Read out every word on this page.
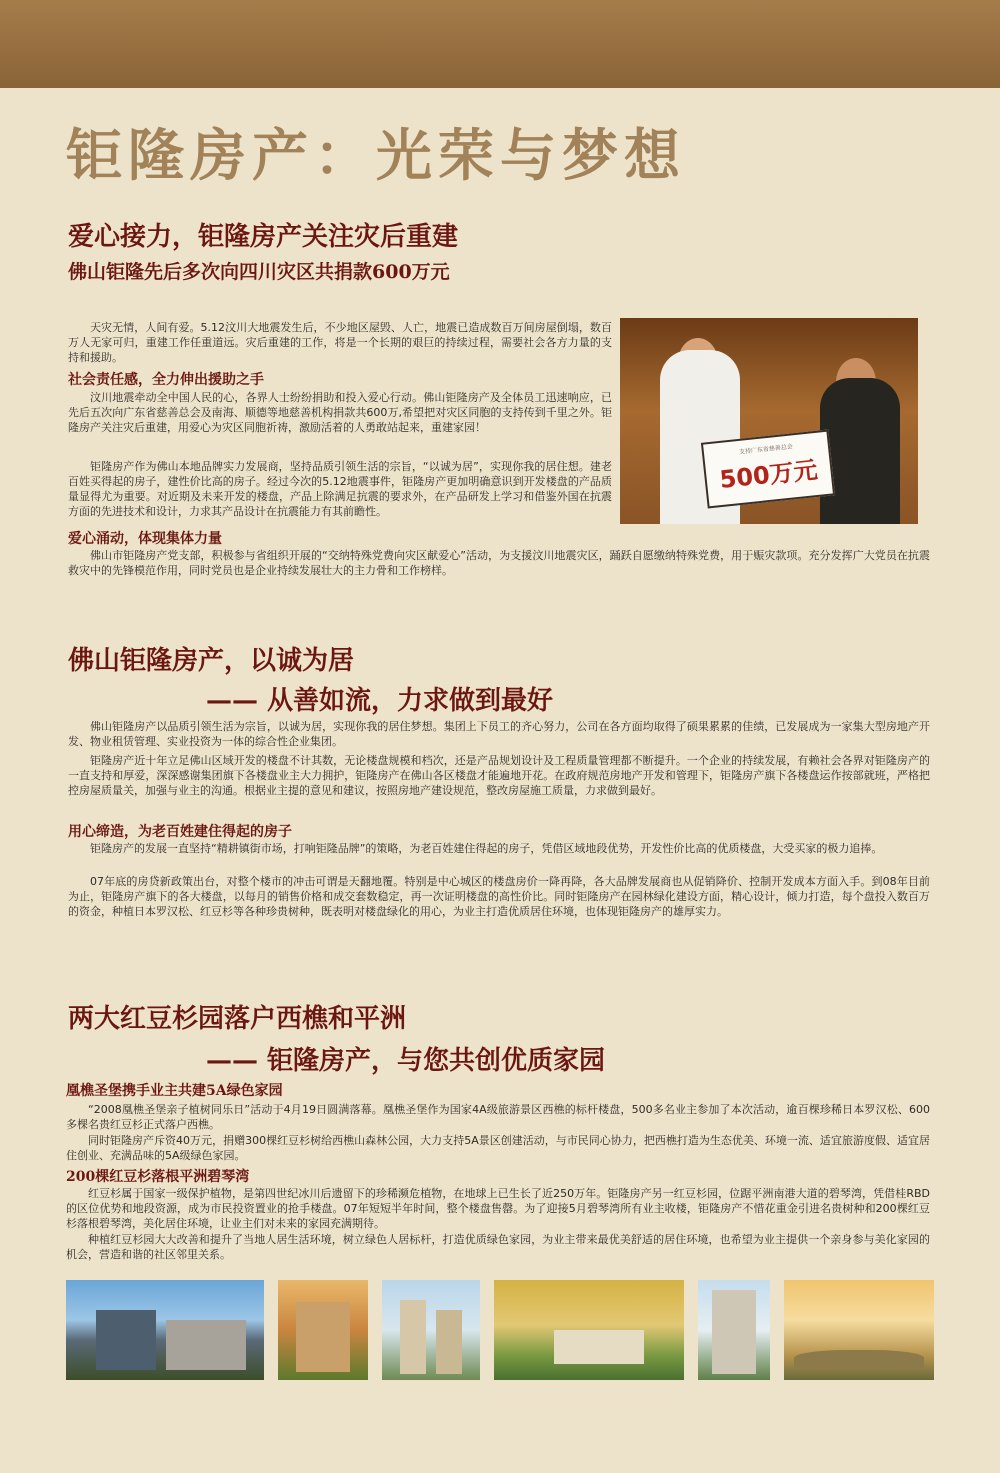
钜隆房产：光荣与梦想
爱心接力，钜隆房产关注灾后重建
佛山钜隆先后多次向四川灾区共捐款600万元

天灾无情，人间有爱。5.12汶川大地震发生后，不少地区屋毁、人亡，地震已造成数百万间房屋倒塌，数百万人无家可归，重建工作任重道远。灾后重建的工作，将是一个长期的艰巨的持续过程，需要社会各方力量的支持和援助。

社会责任感，全力伸出援助之手

汶川地震牵动全中国人民的心，各界人士纷纷捐助和投入爱心行动。佛山钜隆房产及全体员工迅速响应，已先后五次向广东省慈善总会及南海、顺德等地慈善机构捐款共600万,希望把对灾区同胞的支持传到千里之外。钜隆房产关注灾后重建，用爱心为灾区同胞祈祷，激励活着的人勇敢站起来，重建家园！

钜隆房产作为佛山本地品牌实力发展商，坚持品质引领生活的宗旨，“以诚为居”，实现你我的居住想。建老百姓买得起的房子，建性价比高的房子。经过今次的5.12地震事件，钜隆房产更加明确意识到开发楼盘的产品质量显得尤为重要。对近期及未来开发的楼盘，产品上除满足抗震的要求外，在产品研发上学习和借鉴外国在抗震方面的先进技术和设计，力求其产品设计在抗震能力有其前瞻性。

支持广东省慈善总会
500万元
爱心涌动，体现集体力量

佛山市钜隆房产党支部，积极参与省组织开展的“交纳特殊党费向灾区献爱心”活动，为支援汶川地震灾区，踊跃自愿缴纳特殊党费，用于赈灾款项。充分发挥广大党员在抗震救灾中的先锋模范作用，同时党员也是企业持续发展壮大的主力骨和工作榜样。

佛山钜隆房产，以诚为居
—— 从善如流，力求做到最好

佛山钜隆房产以品质引领生活为宗旨，以诚为居，实现你我的居住梦想。集团上下员工的齐心努力，公司在各方面均取得了硕果累累的佳绩，已发展成为一家集大型房地产开发、物业租赁管理、实业投资为一体的综合性企业集团。

钜隆房产近十年立足佛山区域开发的楼盘不计其数，无论楼盘规模和档次，还是产品规划设计及工程质量管理都不断提升。一个企业的持续发展，有赖社会各界对钜隆房产的一直支持和厚爱，深深感谢集团旗下各楼盘业主大力拥护，钜隆房产在佛山各区楼盘才能遍地开花。在政府规范房地产开发和管理下，钜隆房产旗下各楼盘运作按部就班，严格把控房屋质量关，加强与业主的沟通。根据业主提的意见和建议，按照房地产建设规范，整改房屋施工质量，力求做到最好。

用心缔造，为老百姓建住得起的房子

钜隆房产的发展一直坚持“精耕镇街市场，打响钜隆品牌”的策略，为老百姓建住得起的房子，凭借区域地段优势，开发性价比高的优质楼盘，大受买家的极力追捧。

07年底的房贷新政策出台，对整个楼市的冲击可谓是天翻地覆。特别是中心城区的楼盘房价一降再降，各大品牌发展商也从促销降价、控制开发成本方面入手。到08年目前为止，钜隆房产旗下的各大楼盘，以每月的销售价格和成交套数稳定，再一次证明楼盘的高性价比。同时钜隆房产在园林绿化建设方面，精心设计，倾力打造，每个盘投入数百万的资金，种植日本罗汉松、红豆杉等各种珍贵树种，既表明对楼盘绿化的用心，为业主打造优质居住环境，也体现钜隆房产的雄厚实力。

两大红豆杉园落户西樵和平洲
—— 钜隆房产，与您共创优质家园
凰樵圣堡携手业主共建5A绿色家园

“2008凰樵圣堡亲子植树同乐日”活动于4月19日圆满落幕。凰樵圣堡作为国家4A级旅游景区西樵的标杆楼盘，500多名业主参加了本次活动，逾百棵珍稀日本罗汉松、600多棵名贵红豆杉正式落户西樵。

同时钜隆房产斥资40万元，捐赠300棵红豆杉树给西樵山森林公园，大力支持5A景区创建活动，与市民同心协力，把西樵打造为生态优美、环境一流、适宜旅游度假、适宜居住创业、充满品味的5A级绿色家园。

200棵红豆杉落根平洲碧琴湾

红豆杉属于国家一级保护植物，是第四世纪冰川后遗留下的珍稀濒危植物，在地球上已生长了近250万年。钜隆房产另一红豆杉园，位踞平洲南港大道的碧琴湾，凭借桂RBD的区位优势和地段资源，成为市民投资置业的抢手楼盘。07年短短半年时间，整个楼盘售罄。为了迎接5月碧琴湾所有业主收楼，钜隆房产不惜花重金引进名贵树种和200棵红豆杉落根碧琴湾，美化居住环境，让业主们对未来的家园充满期待。

种植红豆杉园大大改善和提升了当地人居生活环境，树立绿色人居标杆，打造优质绿色家园，为业主带来最优美舒适的居住环境，也希望为业主提供一个亲身参与美化家园的机会，营造和谐的社区邻里关系。
